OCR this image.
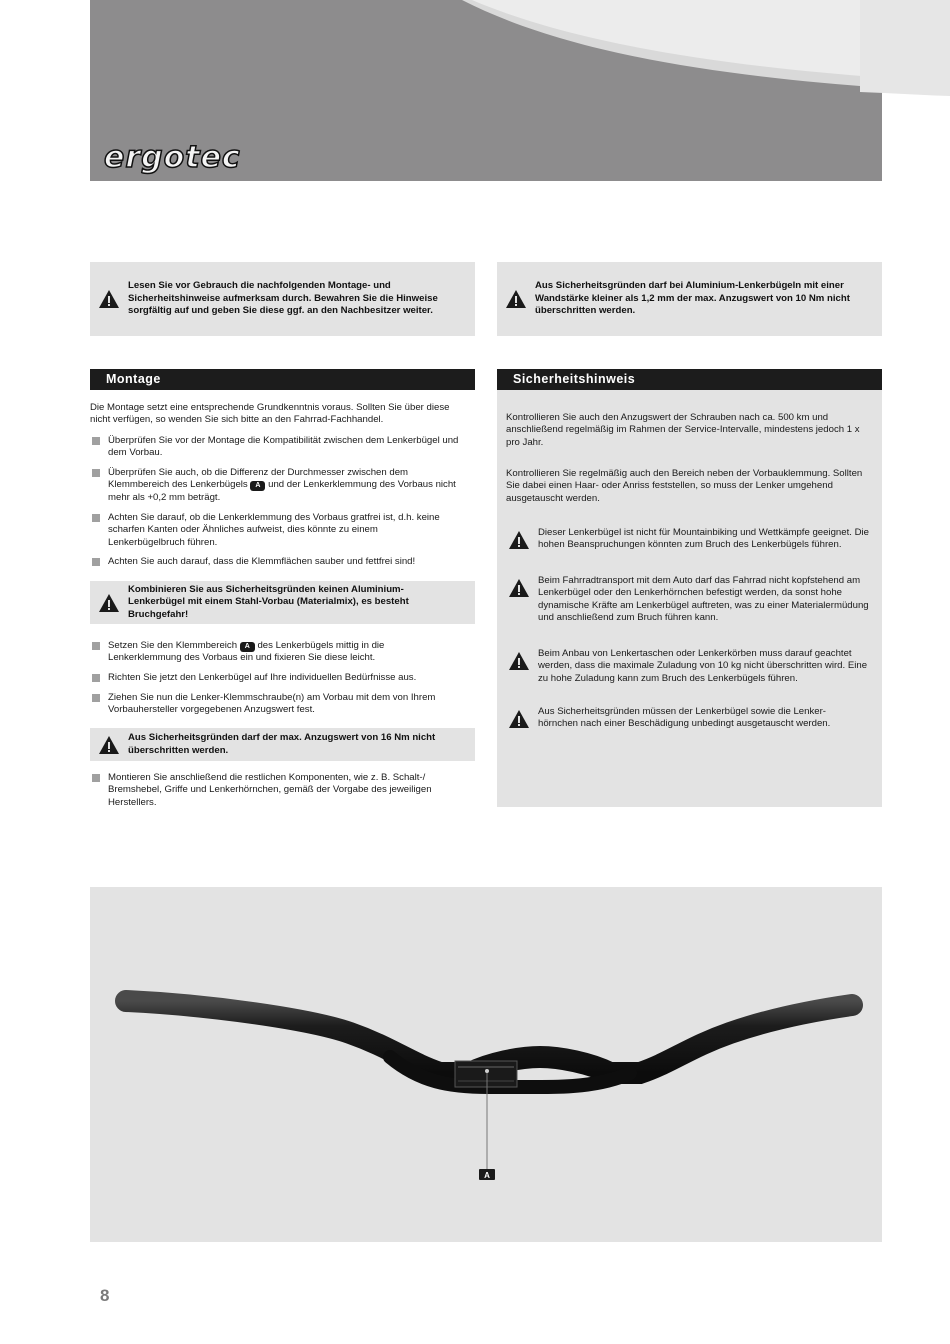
ergotec
Lesen Sie vor Gebrauch die nachfolgenden Montage- und Sicherheitshinweise aufmerksam durch. Bewahren Sie die Hinweise sorgfältig auf und geben Sie diese ggf. an den Nachbesitzer weiter.
Aus Sicherheitsgründen darf bei Aluminium-Lenkerbügeln mit einer Wandstärke kleiner als 1,2 mm der max. Anzugswert von 10 Nm nicht überschritten werden.
Montage
Die Montage setzt eine entsprechende Grundkenntnis voraus. Sollten Sie über diese nicht verfügen, so wenden Sie sich bitte an den Fahrrad-Fachhandel.
Überprüfen Sie vor der Montage die Kompatibilität zwischen dem Lenkerbügel und dem Vorbau.
Überprüfen Sie auch, ob die Differenz der Durchmesser zwischen dem Klemmbereich des Lenkerbügels A und der Lenkerklemmung des Vorbaus nicht mehr als +0,2 mm beträgt.
Achten Sie darauf, ob die Lenkerklemmung des Vorbaus gratfrei ist, d.h. keine scharfen Kanten oder Ähnliches aufweist, dies könnte zu einem Lenkerbügelbruch führen.
Achten Sie auch darauf, dass die Klemmflächen sauber und fettfrei sind!
Kombinieren Sie aus Sicherheitsgründen keinen Aluminium-Lenkerbügel mit einem Stahl-Vorbau (Materialmix), es besteht Bruchgefahr!
Setzen Sie den Klemmbereich A des Lenkerbügels mittig in die Lenkerklemmung des Vorbaus ein und fixieren Sie diese leicht.
Richten Sie jetzt den Lenkerbügel auf Ihre individuellen Bedürfnisse aus.
Ziehen Sie nun die Lenker-Klemmschraube(n) am Vorbau mit dem von Ihrem Vorbauhersteller vorgegebenen Anzugswert fest.
Aus Sicherheitsgründen darf der max. Anzugswert von 16 Nm nicht überschritten werden.
Montieren Sie anschließend die restlichen Komponenten, wie z. B. Schalt-/ Bremshebel, Griffe und Lenkerhörnchen, gemäß der Vorgabe des jeweiligen Herstellers.
Sicherheitshinweis
Kontrollieren Sie auch den Anzugswert der Schrauben nach ca. 500 km und anschließend regelmäßig im Rahmen der Service-Intervalle, mindestens jedoch 1 x pro Jahr.
Kontrollieren Sie regelmäßig auch den Bereich neben der Vorbauklemmung. Sollten Sie dabei einen Haar- oder Anriss feststellen, so muss der Lenker umgehend ausgetauscht werden.
Dieser Lenkerbügel ist nicht für Mountainbiking und Wettkämpfe geeignet. Die hohen Beanspruchungen könnten zum Bruch des Lenkerbügels führen.
Beim Fahrradtransport mit dem Auto darf das Fahrrad nicht kopfstehend am Lenkerbügel oder den Lenkerhörnchen befestigt werden, da sonst hohe dynamische Kräfte am Lenkerbügel auftreten, was zu einer Materialermüdung und anschließend zum Bruch führen kann.
Beim Anbau von Lenkertaschen oder Lenkerkörben muss darauf geachtet werden, dass die maximale Zuladung von 10 kg nicht überschritten wird. Eine zu hohe Zuladung kann zum Bruch des Lenkerbügels führen.
Aus Sicherheitsgründen müssen der Lenkerbügel sowie die Lenker-hörnchen nach einer Beschädigung unbedingt ausgetauscht werden.
A
8
